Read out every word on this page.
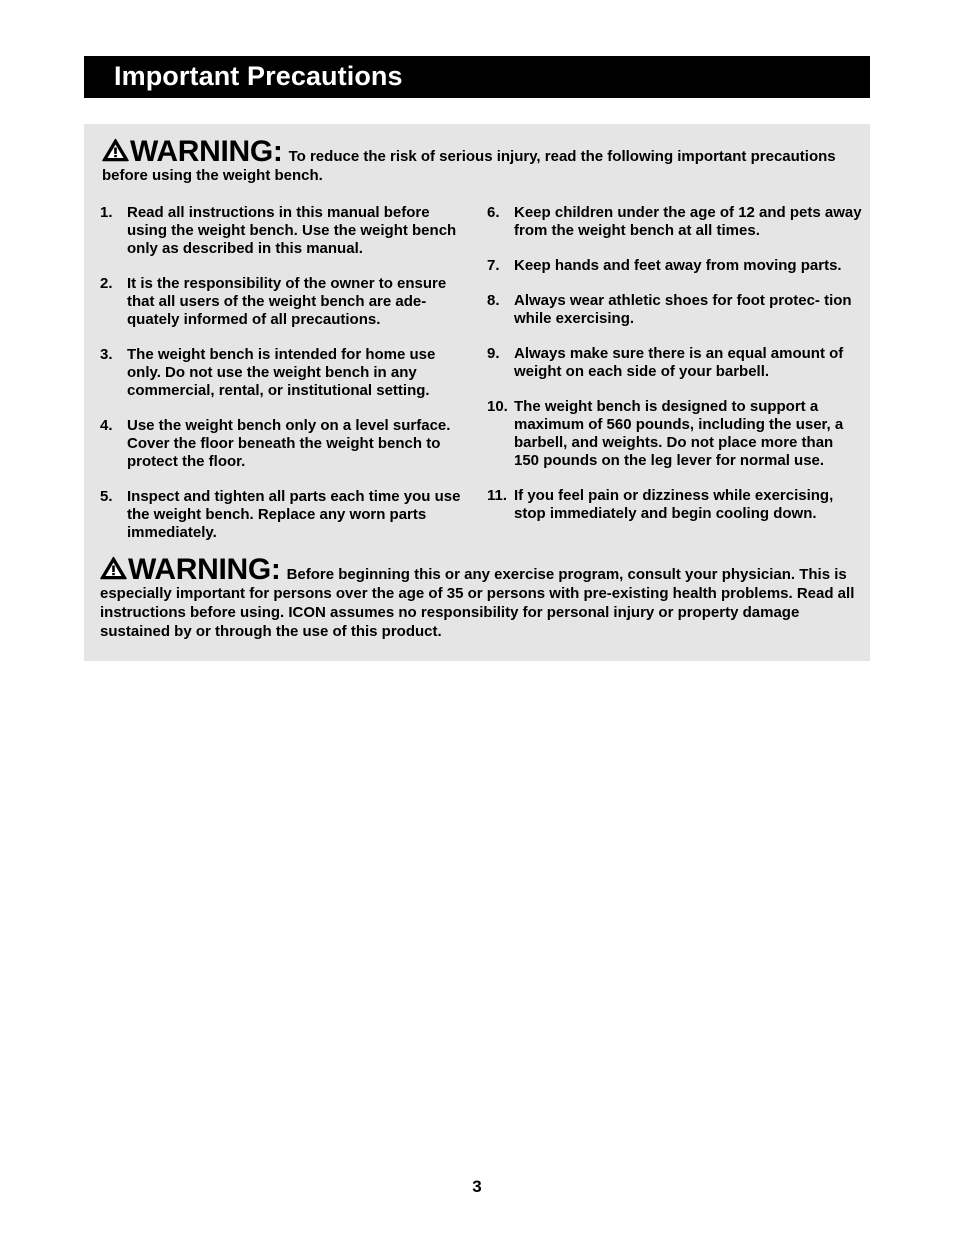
Important Precautions
WARNING: To reduce the risk of serious injury, read the following important precautions before using the weight bench.
1. Read all instructions in this manual before using the weight bench. Use the weight bench only as described in this manual.
2. It is the responsibility of the owner to ensure that all users of the weight bench are ade- quately informed of all precautions.
3. The weight bench is intended for home use only. Do not use the weight bench in any commercial, rental, or institutional setting.
4. Use the weight bench only on a level surface. Cover the floor beneath the weight bench to protect the floor.
5. Inspect and tighten all parts each time you use the weight bench. Replace any worn parts immediately.
6. Keep children under the age of 12 and pets away from the weight bench at all times.
7. Keep hands and feet away from moving parts.
8. Always wear athletic shoes for foot protec- tion while exercising.
9. Always make sure there is an equal amount of weight on each side of your barbell.
10. The weight bench is designed to support a maximum of 560 pounds, including the user, a barbell, and weights. Do not place more than 150 pounds on the leg lever for normal use.
11. If you feel pain or dizziness while exercising, stop immediately and begin cooling down.
WARNING: Before beginning this or any exercise program, consult your physician. This is especially important for persons over the age of 35 or persons with pre-existing health problems. Read all instructions before using. ICON assumes no responsibility for personal injury or property damage sustained by or through the use of this product.
3
